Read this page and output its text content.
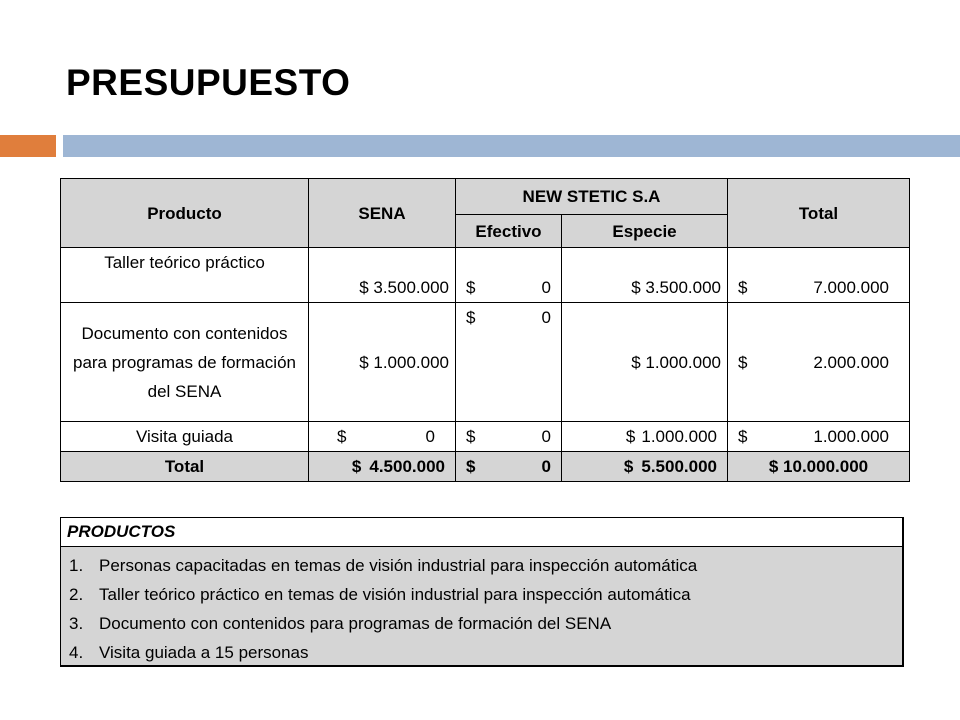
PRESUPUESTO
Producto	SENA	NEW STETIC S.A		Total
		Efectivo	Especie	
Taller teórico práctico	$ 3.500.000	$ 0	$ 3.500.000	$ 7.000.000

Documento con contenidos para programas de formación del SENA	$ 1.000.000	$ 0	$ 1.000.000	$ 2.000.000

Visita guiada	$ 0	$ 0	$ 1.000.000	$ 1.000.000

Total	$ 4.500.000	$ 0	$ 5.500.000	$ 10.000.000
PRODUCTOS
1. Personas capacitadas en temas de visión industrial para inspección automática
2. Taller teórico práctico en temas de visión industrial para inspección automática
3. Documento con contenidos para programas de formación del SENA
4. Visita guiada a 15 personas
